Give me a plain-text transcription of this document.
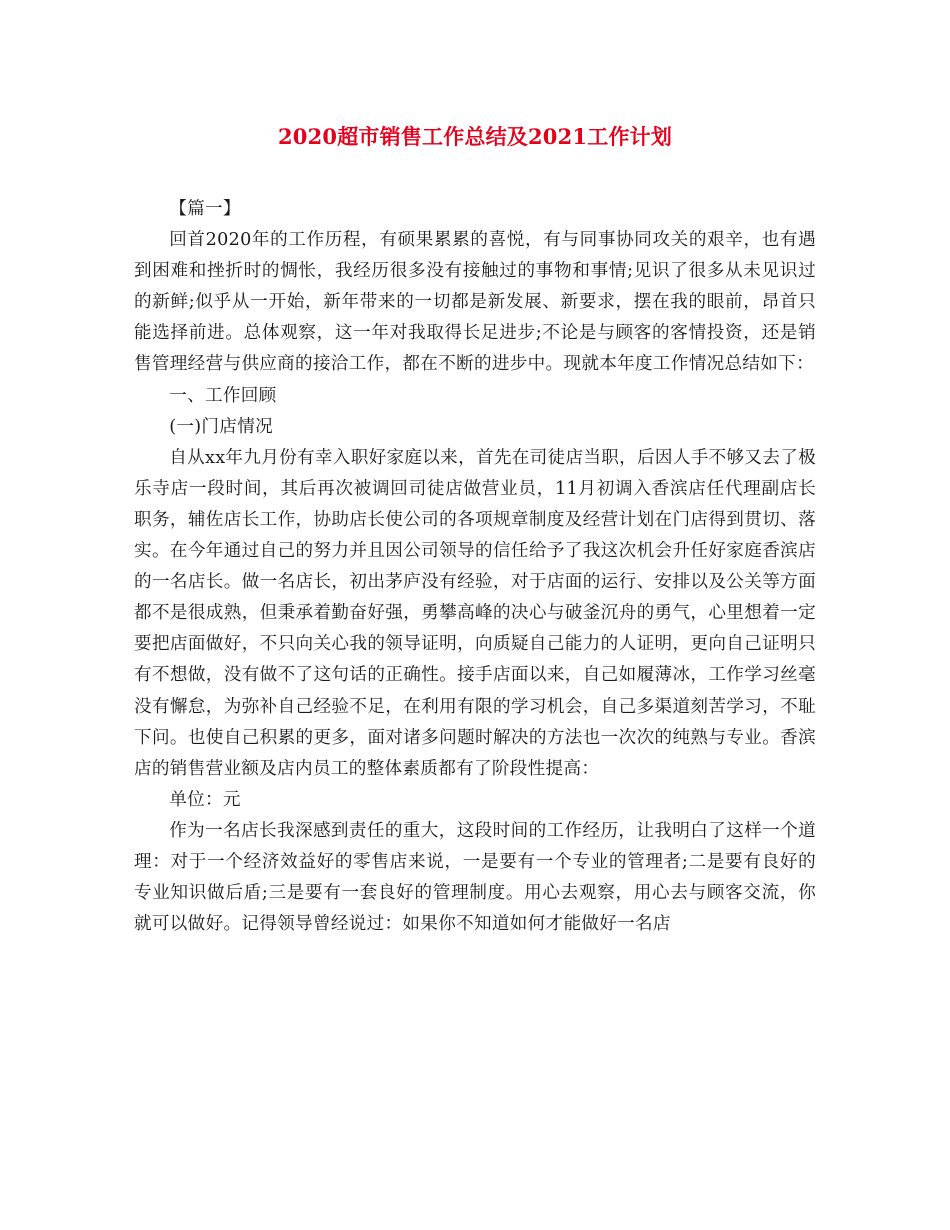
2020超市销售工作总结及2021工作计划

【篇一】

回首2020年的工作历程，有硕果累累的喜悦，有与同事协同攻关的艰辛，也有遇到困难和挫折时的惆怅，我经历很多没有接触过的事物和事情;见识了很多从未见识过的新鲜;似乎从一开始，新年带来的一切都是新发展、新要求，摆在我的眼前，昂首只能选择前进。总体观察，这一年对我取得长足进步;不论是与顾客的客情投资，还是销售管理经营与供应商的接洽工作，都在不断的进步中。现就本年度工作情况总结如下：

一、工作回顾

(一)门店情况

自从xx年九月份有幸入职好家庭以来，首先在司徒店当职，后因人手不够又去了极乐寺店一段时间，其后再次被调回司徒店做营业员，11月初调入香滨店任代理副店长职务，辅佐店长工作，协助店长使公司的各项规章制度及经营计划在门店得到贯切、落实。在今年通过自己的努力并且因公司领导的信任给予了我这次机会升任好家庭香滨店的一名店长。做一名店长，初出茅庐没有经验，对于店面的运行、安排以及公关等方面都不是很成熟，但秉承着勤奋好强，勇攀高峰的决心与破釜沉舟的勇气，心里想着一定要把店面做好，不只向关心我的领导证明，向质疑自己能力的人证明，更向自己证明只有不想做，没有做不了这句话的正确性。接手店面以来，自己如履薄冰，工作学习丝毫没有懈怠，为弥补自己经验不足，在利用有限的学习机会，自己多渠道刻苦学习，不耻下问。也使自己积累的更多，面对诸多问题时解决的方法也一次次的纯熟与专业。香滨店的销售营业额及店内员工的整体素质都有了阶段性提高：

单位：元

作为一名店长我深感到责任的重大，这段时间的工作经历，让我明白了这样一个道理：对于一个经济效益好的零售店来说，一是要有一个专业的管理者;二是要有良好的专业知识做后盾;三是要有一套良好的管理制度。用心去观察，用心去与顾客交流，你就可以做好。记得领导曾经说过：如果你不知道如何才能做好一名店
